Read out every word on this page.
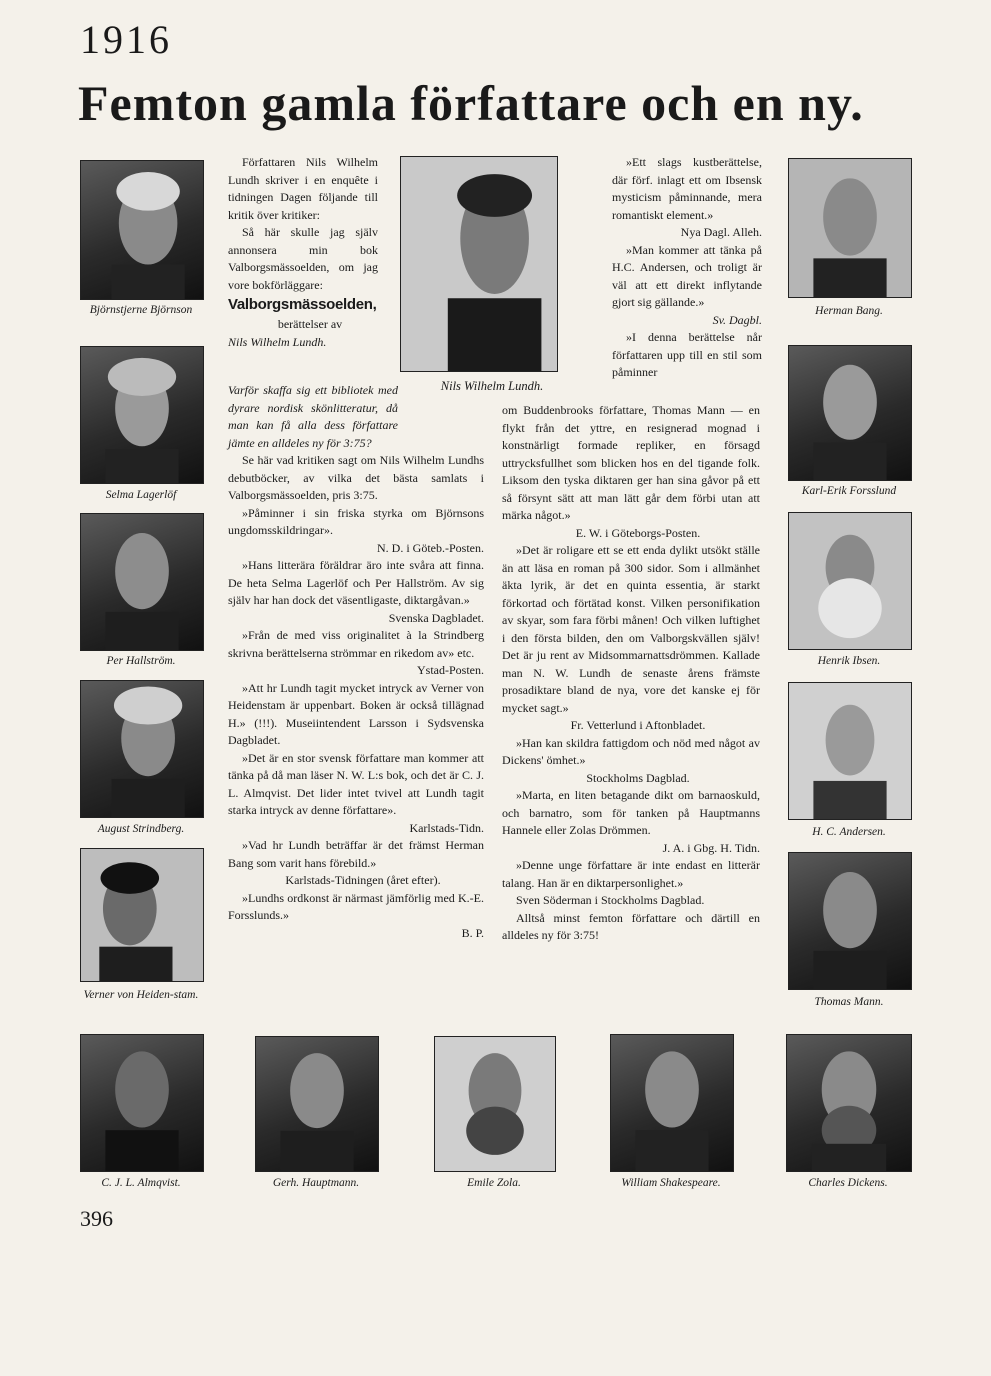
1916
Femton gamla författare och en ny.
Björnstjerne Björnson
Selma Lagerlöf
Per Hallström.
August Strindberg.
Verner von Heiden-stam.
Nils Wilhelm Lundh.
Herman Bang.
Karl-Erik Forsslund
Henrik Ibsen.
H. C. Andersen.
Thomas Mann.
C. J. L. Almqvist.	Gerh. Hauptmann.	Emile Zola.	William Shakespeare.	Charles Dickens.

Författaren Nils Wilhelm Lundh skriver i en enquête i tidningen Dagen följande till kritik över kritiker:

Så här skulle jag själv annonsera min bok Valborgsmässoelden, om jag vore bokförläggare:

Valborgsmässoelden,

berättelser av

Nils Wilhelm Lundh.

Varför skaffa sig ett bibliotek med dyrare nordisk skönlitteratur, då man kan få alla dess författare jämte en alldeles ny för 3:75?

Se här vad kritiken sagt om Nils Wilhelm Lundhs debutböcker, av vilka det bästa samlats i Valborgsmässoelden, pris 3:75.

»Påminner i sin friska styrka om Björnsons ungdomsskildringar».

N. D. i Göteb.-Posten.

»Hans litterära föräldrar äro inte svåra att finna. De heta Selma Lagerlöf och Per Hallström. Av sig själv har han dock det väsentligaste, diktargåvan.»

Svenska Dagbladet.

»Från de med viss originalitet à la Strindberg skrivna berättelserna strömmar en rikedom av» etc.

Ystad-Posten.

»Att hr Lundh tagit mycket intryck av Verner von Heidenstam är uppenbart. Boken är också tillägnad H.» (!!!). Museiintendent Larsson i Sydsvenska Dagbladet.

»Det är en stor svensk författare man kommer att tänka på då man läser N. W. L:s bok, och det är C. J. L. Almqvist. Det lider intet tvivel att Lundh tagit starka intryck av denne författare».

Karlstads-Tidn.

»Vad hr Lundh beträffar är det främst Herman Bang som varit hans förebild.»

Karlstads-Tidningen (året efter).

»Lundhs ordkonst är närmast jämförlig med K.-E. Forsslunds.»

B. P.

»Ett slags kustberättelse, där förf. inlagt ett om Ibsensk mysticism påminnande, mera romantiskt element.»

Nya Dagl. Alleh.

»Man kommer att tänka på H.C. Andersen, och troligt är väl att ett direkt inflytande gjort sig gällande.»

Sv. Dagbl.

»I denna berättelse når författaren upp till en stil som påminner

om Buddenbrooks författare, Thomas Mann — en flykt från det yttre, en resignerad mognad i konstnärligt formade repliker, en försagd uttrycksfullhet som blicken hos en del tigande folk. Liksom den tyska diktaren ger han sina gåvor på ett så försynt sätt att man lätt går dem förbi utan att märka något.»

E. W. i Göteborgs-Posten.

»Det är roligare ett se ett enda dylikt utsökt ställe än att läsa en roman på 300 sidor. Som i allmänhet äkta lyrik, är det en quinta essentia, är starkt förkortad och förtätad konst. Vilken personifikation av skyar, som fara förbi månen! Och vilken luftighet i den första bilden, den om Valborgskvällen själv! Det är ju rent av Midsommarnattsdrömmen. Kallade man N. W. Lundh de senaste årens främste prosadiktare bland de nya, vore det kanske ej för mycket sagt.»

Fr. Vetterlund i Aftonbladet.

»Han kan skildra fattigdom och nöd med något av Dickens' ömhet.»

Stockholms Dagblad.

»Marta, en liten betagande dikt om barnaoskuld, och barnatro, som för tanken på Hauptmanns Hannele eller Zolas Drömmen.

J. A. i Gbg. H. Tidn.

»Denne unge författare är inte endast en litterär talang. Han är en diktarpersonlighet.»

Sven Söderman i Stockholms Dagblad.

Alltså minst femton författare och därtill en alldeles ny för 3:75!

396
